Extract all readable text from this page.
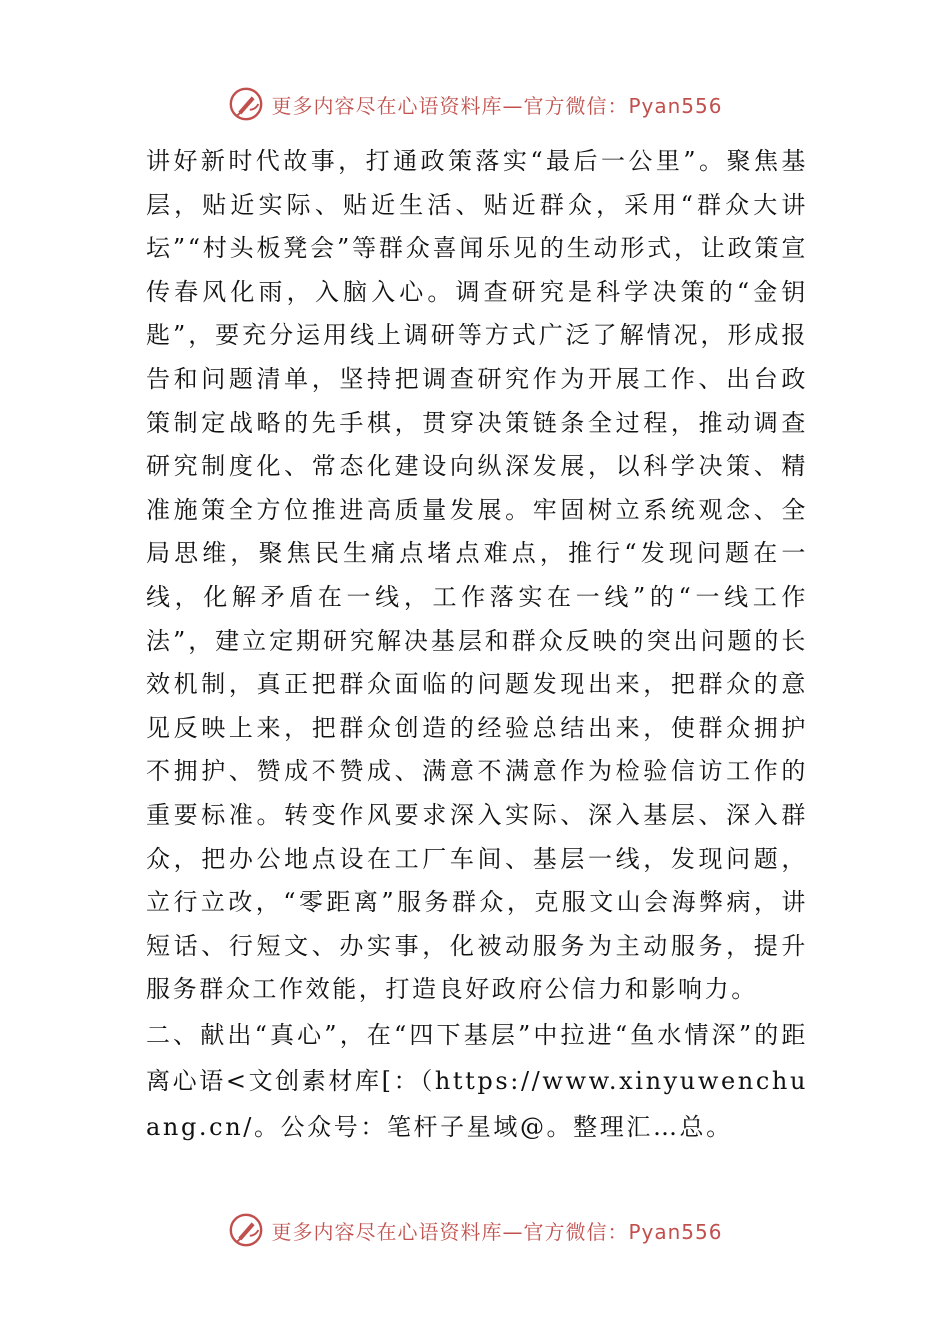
更多内容尽在心语资料库—官方微信：Pyan556

讲好新时代故事，打通政策落实“最后一公里”。聚焦基层，贴近实际、贴近生活、贴近群众，采用“群众大讲坛”“村头板凳会”等群众喜闻乐见的生动形式，让政策宣传春风化雨，入脑入心。调查研究是科学决策的“金钥匙”，要充分运用线上调研等方式广泛了解情况，形成报告和问题清单，坚持把调查研究作为开展工作、出台政策制定战略的先手棋，贯穿决策链条全过程，推动调查研究制度化、常态化建设向纵深发展，以科学决策、精准施策全方位推进高质量发展。牢固树立系统观念、全局思维，聚焦民生痛点堵点难点，推行“发现问题在一线，化解矛盾在一线，工作落实在一线”的“一线工作法”，建立定期研究解决基层和群众反映的突出问题的长效机制，真正把群众面临的问题发现出来，把群众的意见反映上来，把群众创造的经验总结出来，使群众拥护不拥护、赞成不赞成、满意不满意作为检验信访工作的重要标准。转变作风要求深入实际、深入基层、深入群众，把办公地点设在工厂车间、基层一线，发现问题，立行立改，“零距离”服务群众，克服文山会海弊病，讲短话、行短文、办实事，化被动服务为主动服务，提升服务群众工作效能，打造良好政府公信力和影响力。

二、献出“真心”，在“四下基层”中拉进“鱼水情深”的距离心语<文创素材库[：（https://www.xinyuwenchuang.cn/。公众号：笔杆子星域@。整理汇…总。

更多内容尽在心语资料库—官方微信：Pyan556
